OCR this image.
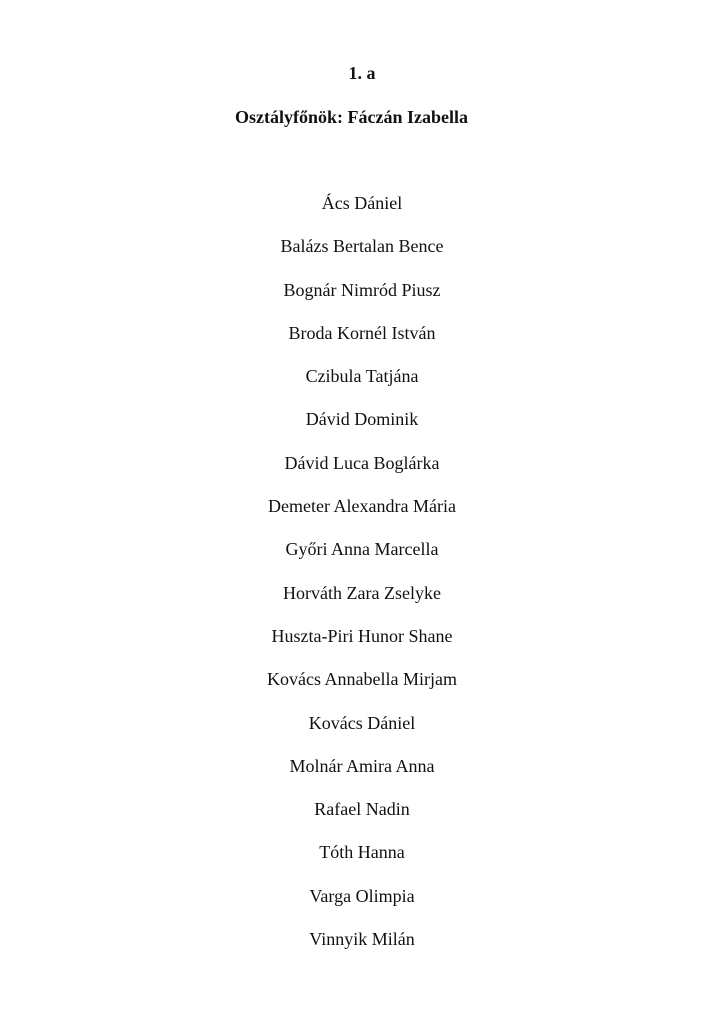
1. a
Osztályfőnök: Fáczán Izabella
Ács Dániel
Balázs Bertalan Bence
Bognár Nimród Piusz
Broda Kornél István
Czibula Tatjána
Dávid Dominik
Dávid Luca Boglárka
Demeter Alexandra Mária
Győri Anna Marcella
Horváth Zara Zselyke
Huszta-Piri Hunor Shane
Kovács Annabella Mirjam
Kovács Dániel
Molnár Amira Anna
Rafael Nadin
Tóth Hanna
Varga Olimpia
Vinnyik Milán
